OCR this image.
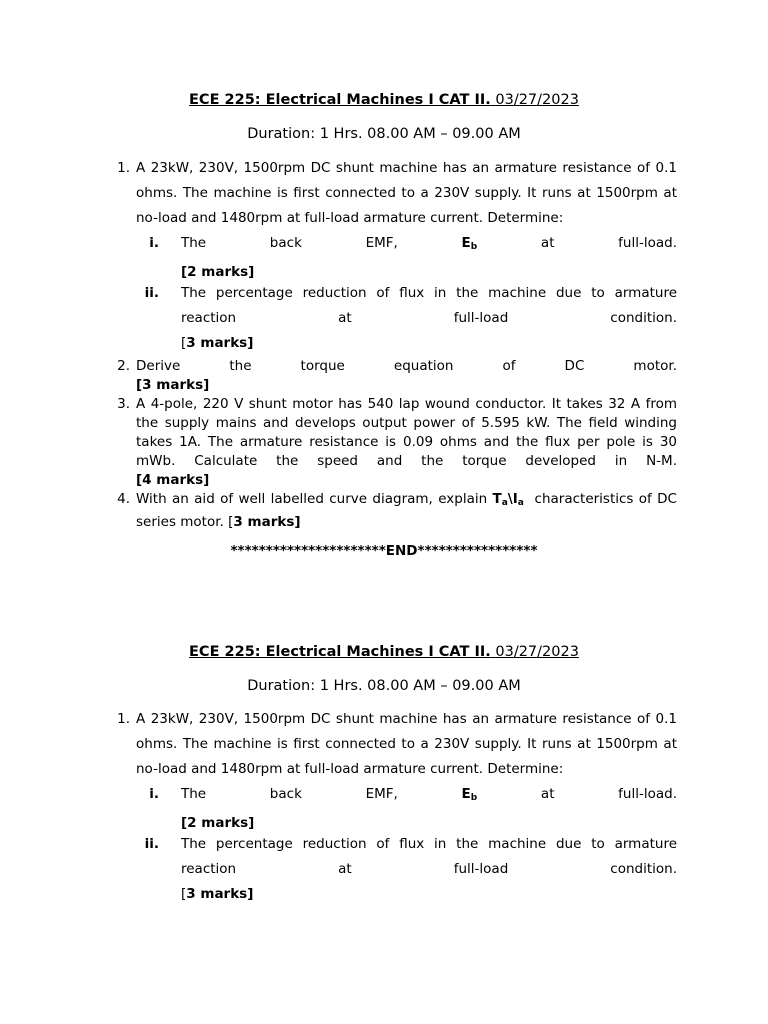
ECE 225: Electrical Machines I CAT II. 03/27/2023
Duration: 1 Hrs. 08.00 AM – 09.00 AM
1. A 23kW, 230V, 1500rpm DC shunt machine has an armature resistance of 0.1 ohms. The machine is first connected to a 230V supply. It runs at 1500rpm at no-load and 1480rpm at full-load armature current. Determine:
i. The back EMF,	$E_b$	at full-load.
[2 marks]
ii. The percentage reduction of flux in the machine due to armature reaction at full-load condition.
[3 marks]
2. Derive the torque equation of DC motor.
[3 marks]
3. A 4-pole, 220 V shunt motor has 540 lap wound conductor. It takes 32 A from the supply mains and develops output power of 5.595 kW. The field winding takes 1A. The armature resistance is 0.09 ohms and the flux per pole is 30 mWb. Calculate the speed and the torque developed in N-M.
[4 marks]
4. With an aid of well labelled curve diagram, explain $T_a\backslash I_a$ characteristics of DC series motor. [3 marks]
**********************END*****************
ECE 225: Electrical Machines I CAT II. 03/27/2023
Duration: 1 Hrs. 08.00 AM – 09.00 AM
1. A 23kW, 230V, 1500rpm DC shunt machine has an armature resistance of 0.1 ohms. The machine is first connected to a 230V supply. It runs at 1500rpm at no-load and 1480rpm at full-load armature current. Determine:
i. The back EMF,	$E_b$	at full-load.
[2 marks]
ii. The percentage reduction of flux in the machine due to armature reaction at full-load condition.
[3 marks]
